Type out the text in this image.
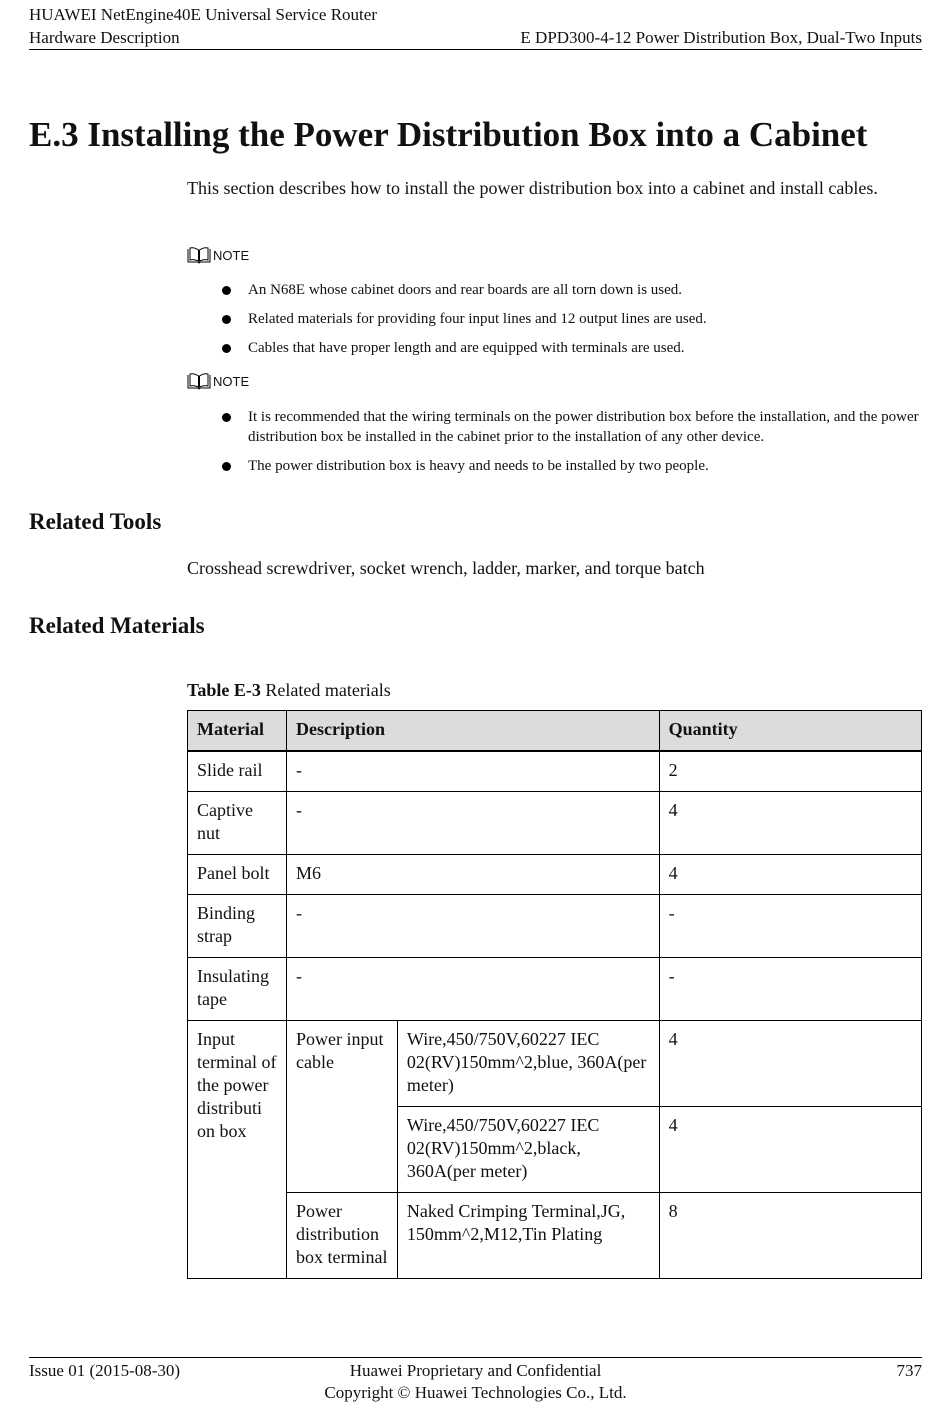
HUAWEI NetEngine40E Universal Service Router
Hardware Description	E DPD300-4-12 Power Distribution Box, Dual-Two Inputs
E.3 Installing the Power Distribution Box into a Cabinet

This section describes how to install the power distribution box into a cabinet and install cables.

NOTE
An N68E whose cabinet doors and rear boards are all torn down is used.
Related materials for providing four input lines and 12 output lines are used.
Cables that have proper length and are equipped with terminals are used.
NOTE
It is recommended that the wiring terminals on the power distribution box before the installation, and the power distribution box be installed in the cabinet prior to the installation of any other device.
The power distribution box is heavy and needs to be installed by two people.
Related Tools

Crosshead screwdriver, socket wrench, ladder, marker, and torque batch

Related Materials
Table E-3 Related materials
Material	Description		Quantity
Slide rail	-		2
Captive nut	-		4
Panel bolt	M6		4
Binding strap	-		-
Insulating tape	-		-
Input terminal of the power distributi on box	Power input cable	Wire,450/750V,60227 IEC 02(RV)150mm^2,blue, 360A(per meter)	4
		Wire,450/750V,60227 IEC 02(RV)150mm^2,black, 360A(per meter)	4
	Power distribution box terminal	Naked Crimping Terminal,JG, 150mm^2,M12,Tin Plating	8
Issue 01 (2015-08-30)	Huawei Proprietary and Confidential
Copyright © Huawei Technologies Co., Ltd.
737
